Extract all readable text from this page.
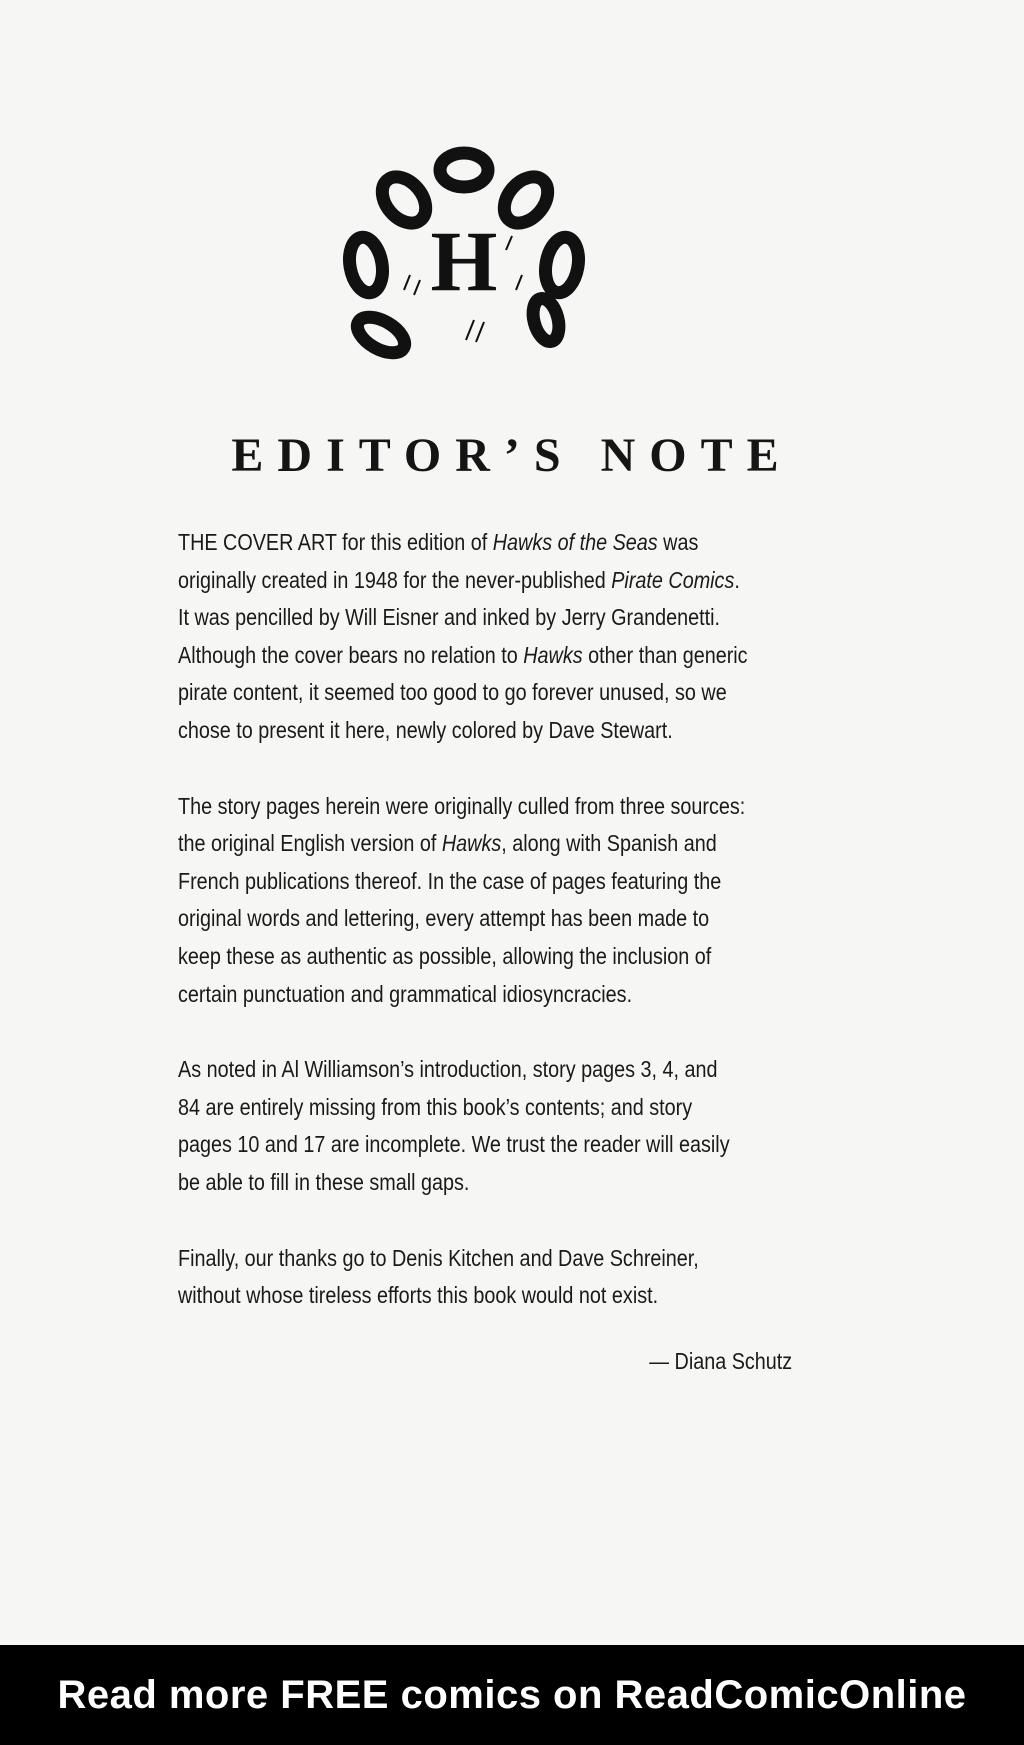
H
EDITOR’S NOTE
THE COVER ART for this edition of Hawks of the Seas was
originally created in 1948 for the never-published Pirate Comics.
It was pencilled by Will Eisner and inked by Jerry Grandenetti.
Although the cover bears no relation to Hawks other than generic
pirate content, it seemed too good to go forever unused, so we
chose to present it here, newly colored by Dave Stewart.
The story pages herein were originally culled from three sources:
the original English version of Hawks, along with Spanish and
French publications thereof. In the case of pages featuring the
original words and lettering, every attempt has been made to
keep these as authentic as possible, allowing the inclusion of
certain punctuation and grammatical idiosyncracies.
As noted in Al Williamson’s introduction, story pages 3, 4, and
84 are entirely missing from this book’s contents; and story
pages 10 and 17 are incomplete. We trust the reader will easily
be able to fill in these small gaps.
Finally, our thanks go to Denis Kitchen and Dave Schreiner,
without whose tireless efforts this book would not exist.
— Diana Schutz
Read more FREE comics on ReadComicOnline
